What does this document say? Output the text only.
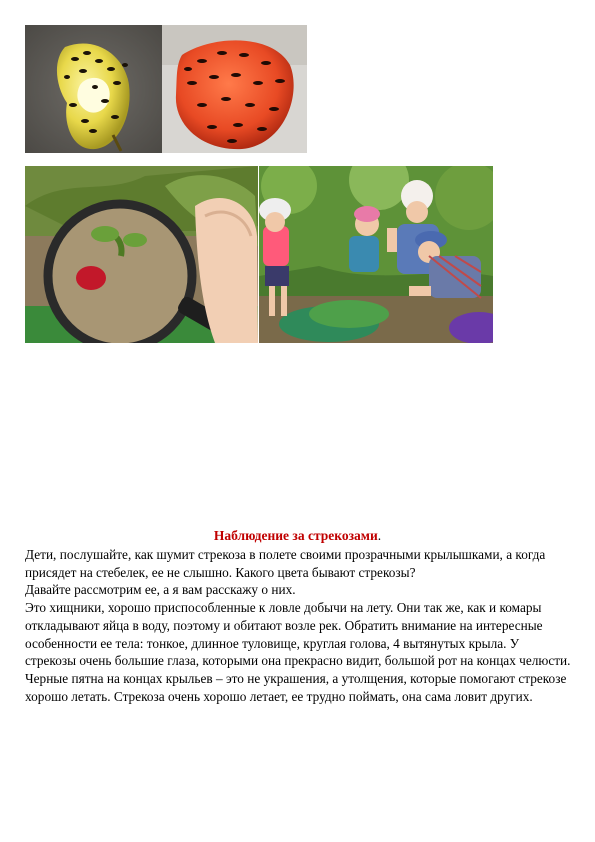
Наблюдение за стрекозами.

Дети, послушайте, как шумит стрекоза в полете своими прозрачными крылышками, а когда присядет на стебелек, ее не слышно. Какого цвета бывают стрекозы?

Давайте рассмотрим ее, а я вам расскажу о них.

Это хищники, хорошо приспособленные к ловле добычи на лету. Они так же, как и комары откладывают яйца в воду, поэтому и обитают возле рек. Обратить внимание на интересные особенности ее тела: тонкое, длинное туловище, круглая голова, 4 вытянутых крыла. У стрекозы очень большие глаза, которыми она прекрасно видит, большой рот на концах челюсти. Черные пятна на концах крыльев – это не украшения, а утолщения, которые помогают стрекозе хорошо летать. Стрекоза очень хорошо летает, ее трудно поймать, она сама ловит других.
